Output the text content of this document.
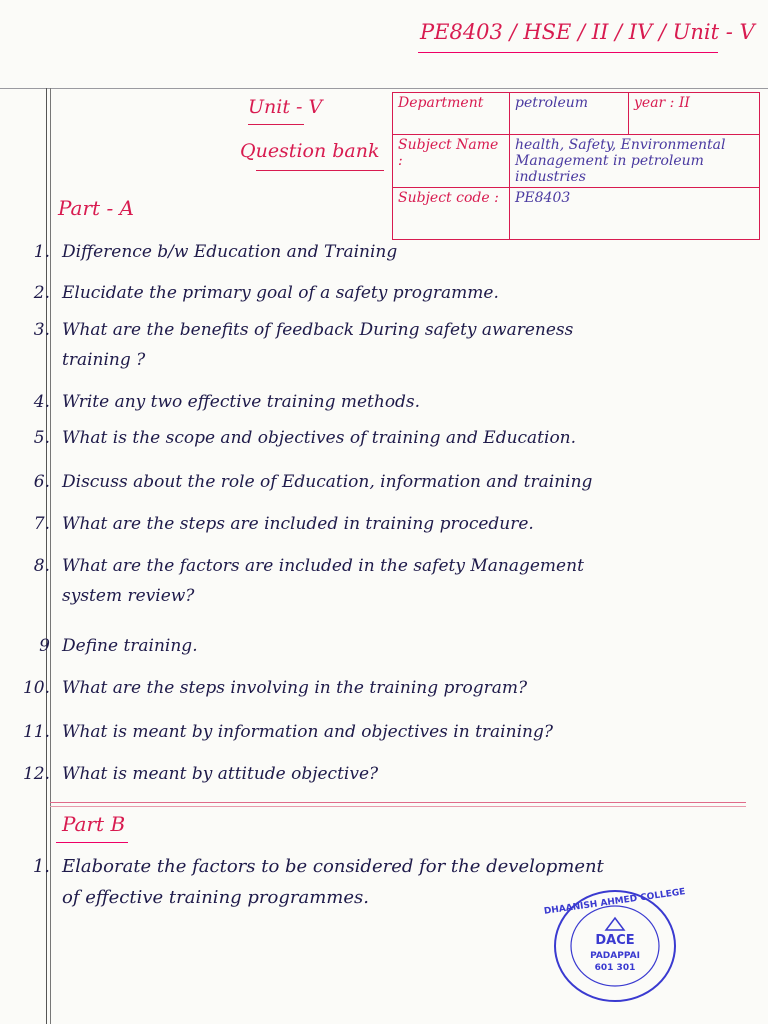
PE8403 / HSE / II / IV / Unit - V
Unit - V
Question bank
Department	petroleum	year : II
Subject Name :	health, Safety, Environmental Management in petroleum industries	
Subject code :	PE8403	
Part - A
1. Difference b/w Education and Training
2. Elucidate the primary goal of a safety programme.
3. What are the benefits of feedback During safety awareness
training ?
4. Write any two effective training methods.
5. What is the scope and objectives of training and Education.
6. Discuss about the role of Education, information and training
7. What are the steps are included in training procedure.
8. What are the factors are included in the safety Management
system review?
9 Define training.
10. What are the steps involving in the training program?
11. What is meant by information and objectives in training?
12. What is meant by attitude objective?
Part B
1. Elaborate the factors to be considered for the development
of effective training programmes.	DHAANISH AHMED COLLEGE
DACE
PADAPPAI
601 301
